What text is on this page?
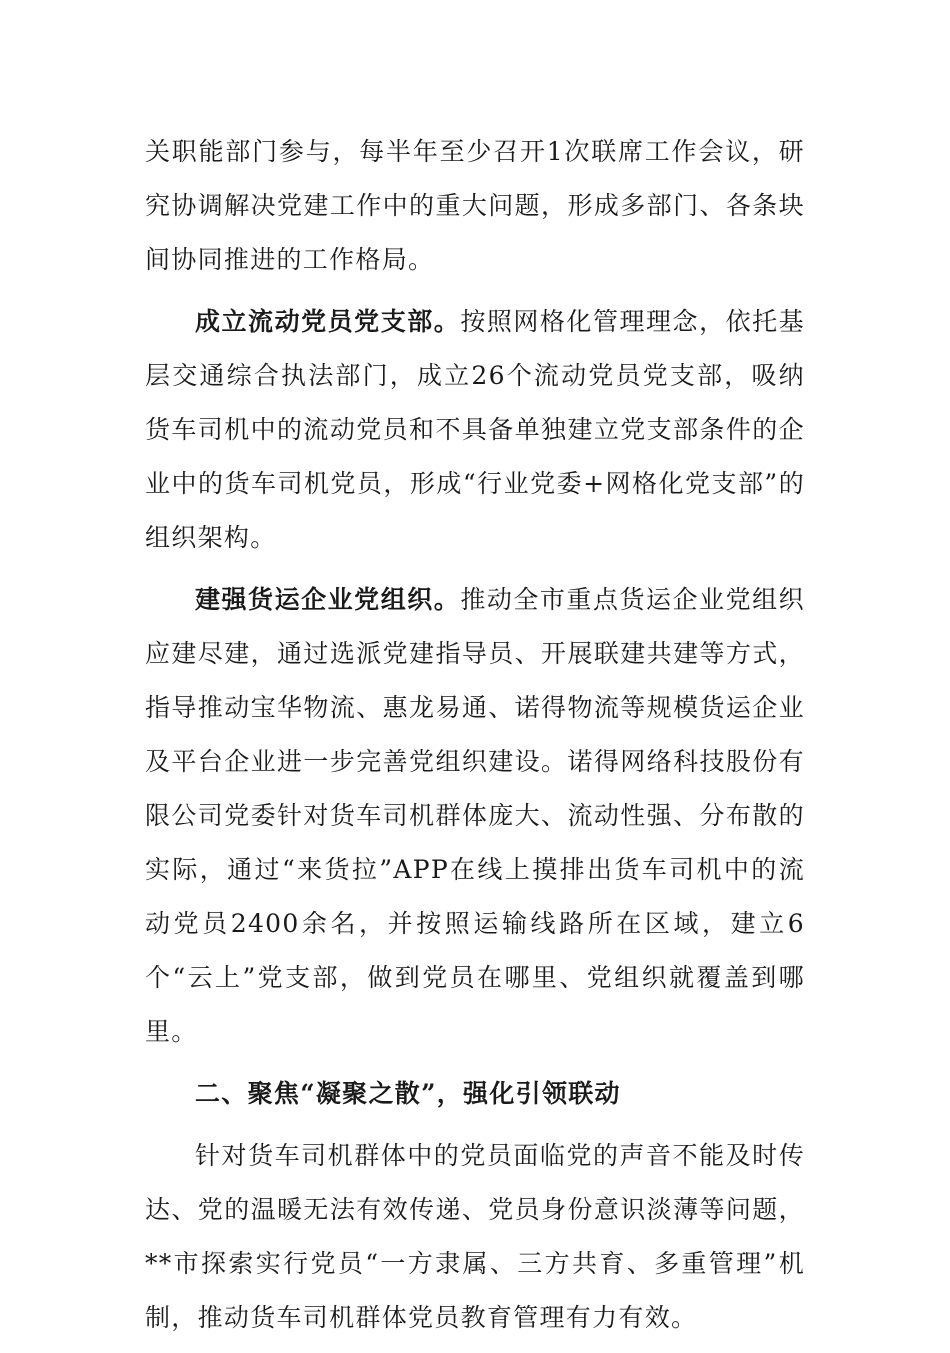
关职能部门参与，每半年至少召开1次联席工作会议，研究协调解决党建工作中的重大问题，形成多部门、各条块间协同推进的工作格局。

成立流动党员党支部。按照网格化管理理念，依托基层交通综合执法部门，成立26个流动党员党支部，吸纳货车司机中的流动党员和不具备单独建立党支部条件的企业中的货车司机党员，形成“行业党委+网格化党支部”的组织架构。

建强货运企业党组织。推动全市重点货运企业党组织应建尽建，通过选派党建指导员、开展联建共建等方式，指导推动宝华物流、惠龙易通、诺得物流等规模货运企业及平台企业进一步完善党组织建设。诺得网络科技股份有限公司党委针对货车司机群体庞大、流动性强、分布散的实际，通过“来货拉”APP在线上摸排出货车司机中的流动党员2400余名，并按照运输线路所在区域，建立6个“云上”党支部，做到党员在哪里、党组织就覆盖到哪里。

二、聚焦“凝聚之散”，强化引领联动

针对货车司机群体中的党员面临党的声音不能及时传达、党的温暖无法有效传递、党员身份意识淡薄等问题，**市探索实行党员“一方隶属、三方共育、多重管理”机制，推动货车司机群体党员教育管理有力有效。
